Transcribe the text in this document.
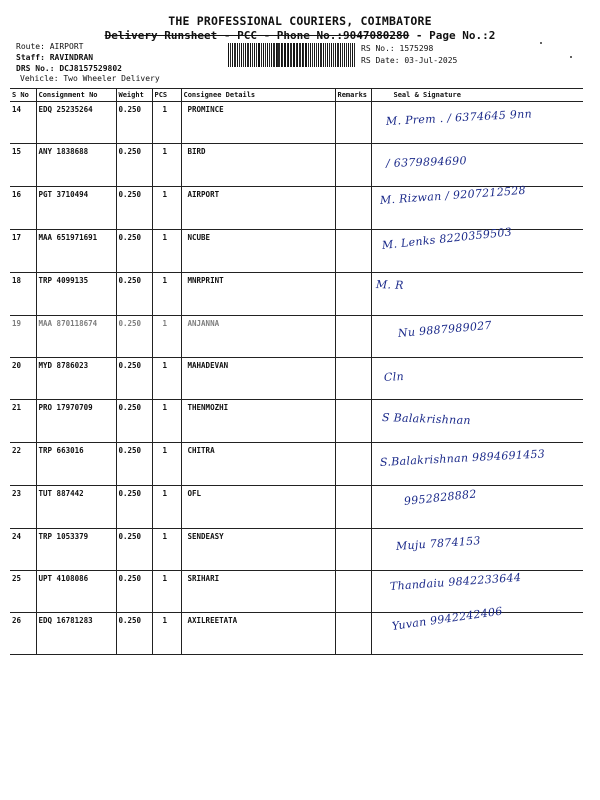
THE PROFESSIONAL COURIERS, COIMBATORE
Delivery Runsheet - PCC - Phone No.:9047080280 - Page No.:2
Route: AIRPORT
Staff: RAVINDRAN
DRS No.: DCJ8157529802
Vehicle: Two Wheeler Delivery
RS No.: 1575298
RS Date: 03-Jul-2025
S No	Consignment No	Weight	PCS	Consignee Details	Remarks	Seal & Signature
14	EDQ 25235264	0.250	1	PROMINCE		M. Prem . / 6374645 9nn

15	ANY 1838688	0.250	1	BIRD		/ 6379894690

16	PGT 3710494	0.250	1	AIRPORT		M. Rizwan / 9207212528

17	MAA 651971691	0.250	1	NCUBE		M. Lenks 8220359503

18	TRP 4099135	0.250	1	MNRPRINT		M. R

19	MAA 870118674	0.250	1	ANJANNA		Nu 9887989027

20	MYD 8786023	0.250	1	MAHADEVAN		Cln

21	PRO 17970709	0.250	1	THENMOZHI		S Balakrishnan

22	TRP 663016	0.250	1	CHITRA		S.Balakrishnan 9894691453

23	TUT 887442	0.250	1	OFL		9952828882

24	TRP 1053379	0.250	1	SENDEASY		Muju 7874153

25	UPT 4108086	0.250	1	SRIHARI		Thandaiu 9842233644

26	EDQ 16781283	0.250	1	AXILREETATA		Yuvan 9942242406
